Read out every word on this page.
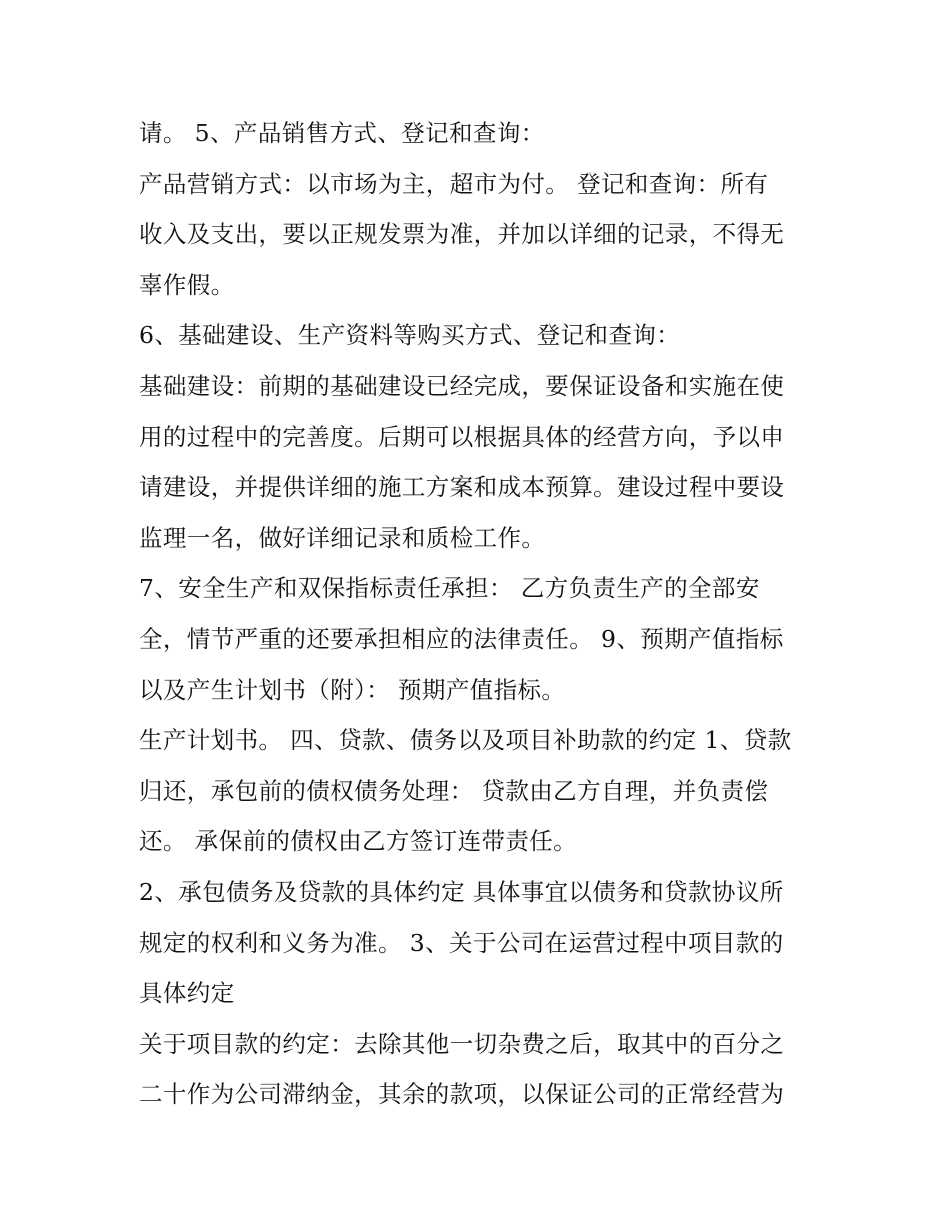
请。 5、产品销售方式、登记和查询：
产品营销方式：以市场为主，超市为付。 登记和查询：所有
收入及支出，要以正规发票为准，并加以详细的记录，不得无
辜作假。
6、基础建设、生产资料等购买方式、登记和查询：
基础建设：前期的基础建设已经完成，要保证设备和实施在使
用的过程中的完善度。后期可以根据具体的经营方向，予以申
请建设，并提供详细的施工方案和成本预算。建设过程中要设
监理一名，做好详细记录和质检工作。
7、安全生产和双保指标责任承担： 乙方负责生产的全部安
全，情节严重的还要承担相应的法律责任。 9、预期产值指标
以及产生计划书（附）： 预期产值指标。
生产计划书。 四、贷款、债务以及项目补助款的约定 1、贷款
归还，承包前的债权债务处理： 贷款由乙方自理，并负责偿
还。 承保前的债权由乙方签订连带责任。
2、承包债务及贷款的具体约定 具体事宜以债务和贷款协议所
规定的权利和义务为准。 3、关于公司在运营过程中项目款的
具体约定
关于项目款的约定：去除其他一切杂费之后，取其中的百分之
二十作为公司滞纳金，其余的款项，以保证公司的正常经营为
